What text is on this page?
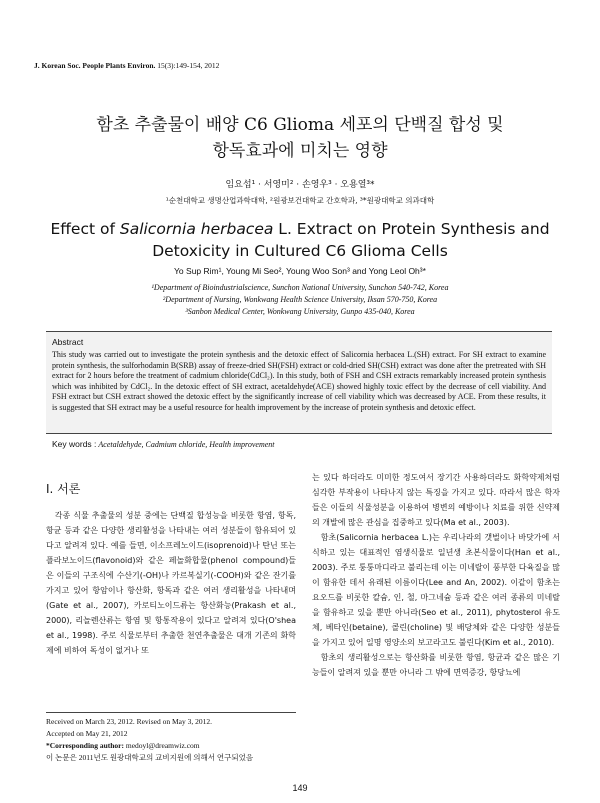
J. Korean Soc. People Plants Environ. 15(3):149-154, 2012
함초 추출물이 배양 C6 Glioma 세포의 단백질 합성 및
항독효과에 미치는 영향
임요섭¹ · 서영미² · 손영우³ · 오용열³*
¹순천대학교 생명산업과학대학, ²원광보건대학교 간호학과, ³*원광대학교 의과대학
Effect of Salicornia herbacea L. Extract on Protein Synthesis and
Detoxicity in Cultured C6 Glioma Cells
Yo Sup Rim¹, Young Mi Seo², Young Woo Son³ and Yong Leol Oh³*
¹Department of Bioindustrialscience, Sunchon National University, Sunchon 540-742, Korea
²Department of Nursing, Wonkwang Health Science University, Iksan 570-750, Korea
³Sanbon Medical Center, Wonkwang University, Gunpo 435-040, Korea
Abstract
This study was carried out to investigate the protein synthesis and the detoxic effect of Salicornia herbacea L.(SH) extract. For SH extract to examine protein synthesis, the sulforhodamin B(SRB) assay of freeze-dried SH(FSH) extract or cold-dried SH(CSH) extract was done after the pretreated with SH extract for 2 hours before the treatment of cadmium chloride(CdCl₂). In this study, both of FSH and CSH extracts remarkably increased protein synthesis which was inhibited by CdCl₂. In the detoxic effect of SH extract, acetaldehyde(ACE) showed highly toxic effect by the decrease of cell viability. And FSH extract but CSH extract showed the detoxic effect by the significantly increase of cell viability which was decreased by ACE. From these results, it is suggested that SH extract may be a useful resource for health improvement by the increase of protein synthesis and detoxic effect.
Key words : Acetaldehyde, Cadmium chloride, Health improvement
Ⅰ. 서론

각종 식물 추출물의 성분 중에는 단백질 합성능을 비롯한 항염, 항독, 항균 등과 같은 다양한 생리활성을 나타내는 여러 성분들이 함유되어 있다고 알려져 있다. 예를 들면, 이소프레노이드(isoprenoid)나 탄닌 또는 플라보노이드(flavonoid)와 같은 페놀화합물(phenol compound)들은 이들의 구조식에 수산기(-OH)나 카르복실기(-COOH)와 같은 잔기를 가지고 있어 항암이나 항산화, 항독과 같은 여러 생리활성을 나타내며(Gate et al., 2007), 카로티노이드류는 항산화능(Prakash et al., 2000), 리놀렌산류는 항염 및 항통작용이 있다고 알려져 있다(O'shea et al., 1998). 주로 식물로부터 추출한 천연추출물은 대개 기존의 화학제에 비하여 독성이 없거나 또

는 있다 하더라도 미미한 정도여서 장기간 사용하더라도 화학약제처럼 심각한 부작용이 나타나지 않는 특징을 가지고 있다. 따라서 많은 학자들은 이들의 식물성분을 이용하여 병변의 예방이나 치료를 위한 신약제의 개발에 많은 관심을 집중하고 있다(Ma et al., 2003).

함초(Salicornia herbacea L.)는 우리나라의 갯벌이나 바닷가에 서식하고 있는 대표적인 염생식물로 일년생 초본식물이다(Han et al., 2003). 주로 퉁퉁마디라고 불리는데 이는 미네랄이 풍부한 다육질을 많이 함유한 데서 유래된 이름이다(Lee and An, 2002). 이같이 함초는 요오드를 비롯한 칼슘, 인, 철, 마그네슘 등과 같은 여러 종류의 미네랄을 함유하고 있을 뿐만 아니라(Seo et al., 2011), phytosterol 유도체, 베타인(betaine), 콜린(choline) 및 배당체와 같은 다양한 성분들을 가지고 있어 일명 영양소의 보고라고도 불린다(Kim et al., 2010).

함초의 생리활성으로는 항산화를 비롯한 항염, 항균과 같은 많은 기능들이 알려져 있을 뿐만 아니라 그 밖에 면역증강, 항당뇨에

Received on March 23, 2012. Revised on May 3, 2012.
Accepted on May 21, 2012
*Corresponding author: medoyl@dreamwiz.com
이 논문은 2011년도 원광대학교의 교비지원에 의해서 연구되었음
149
